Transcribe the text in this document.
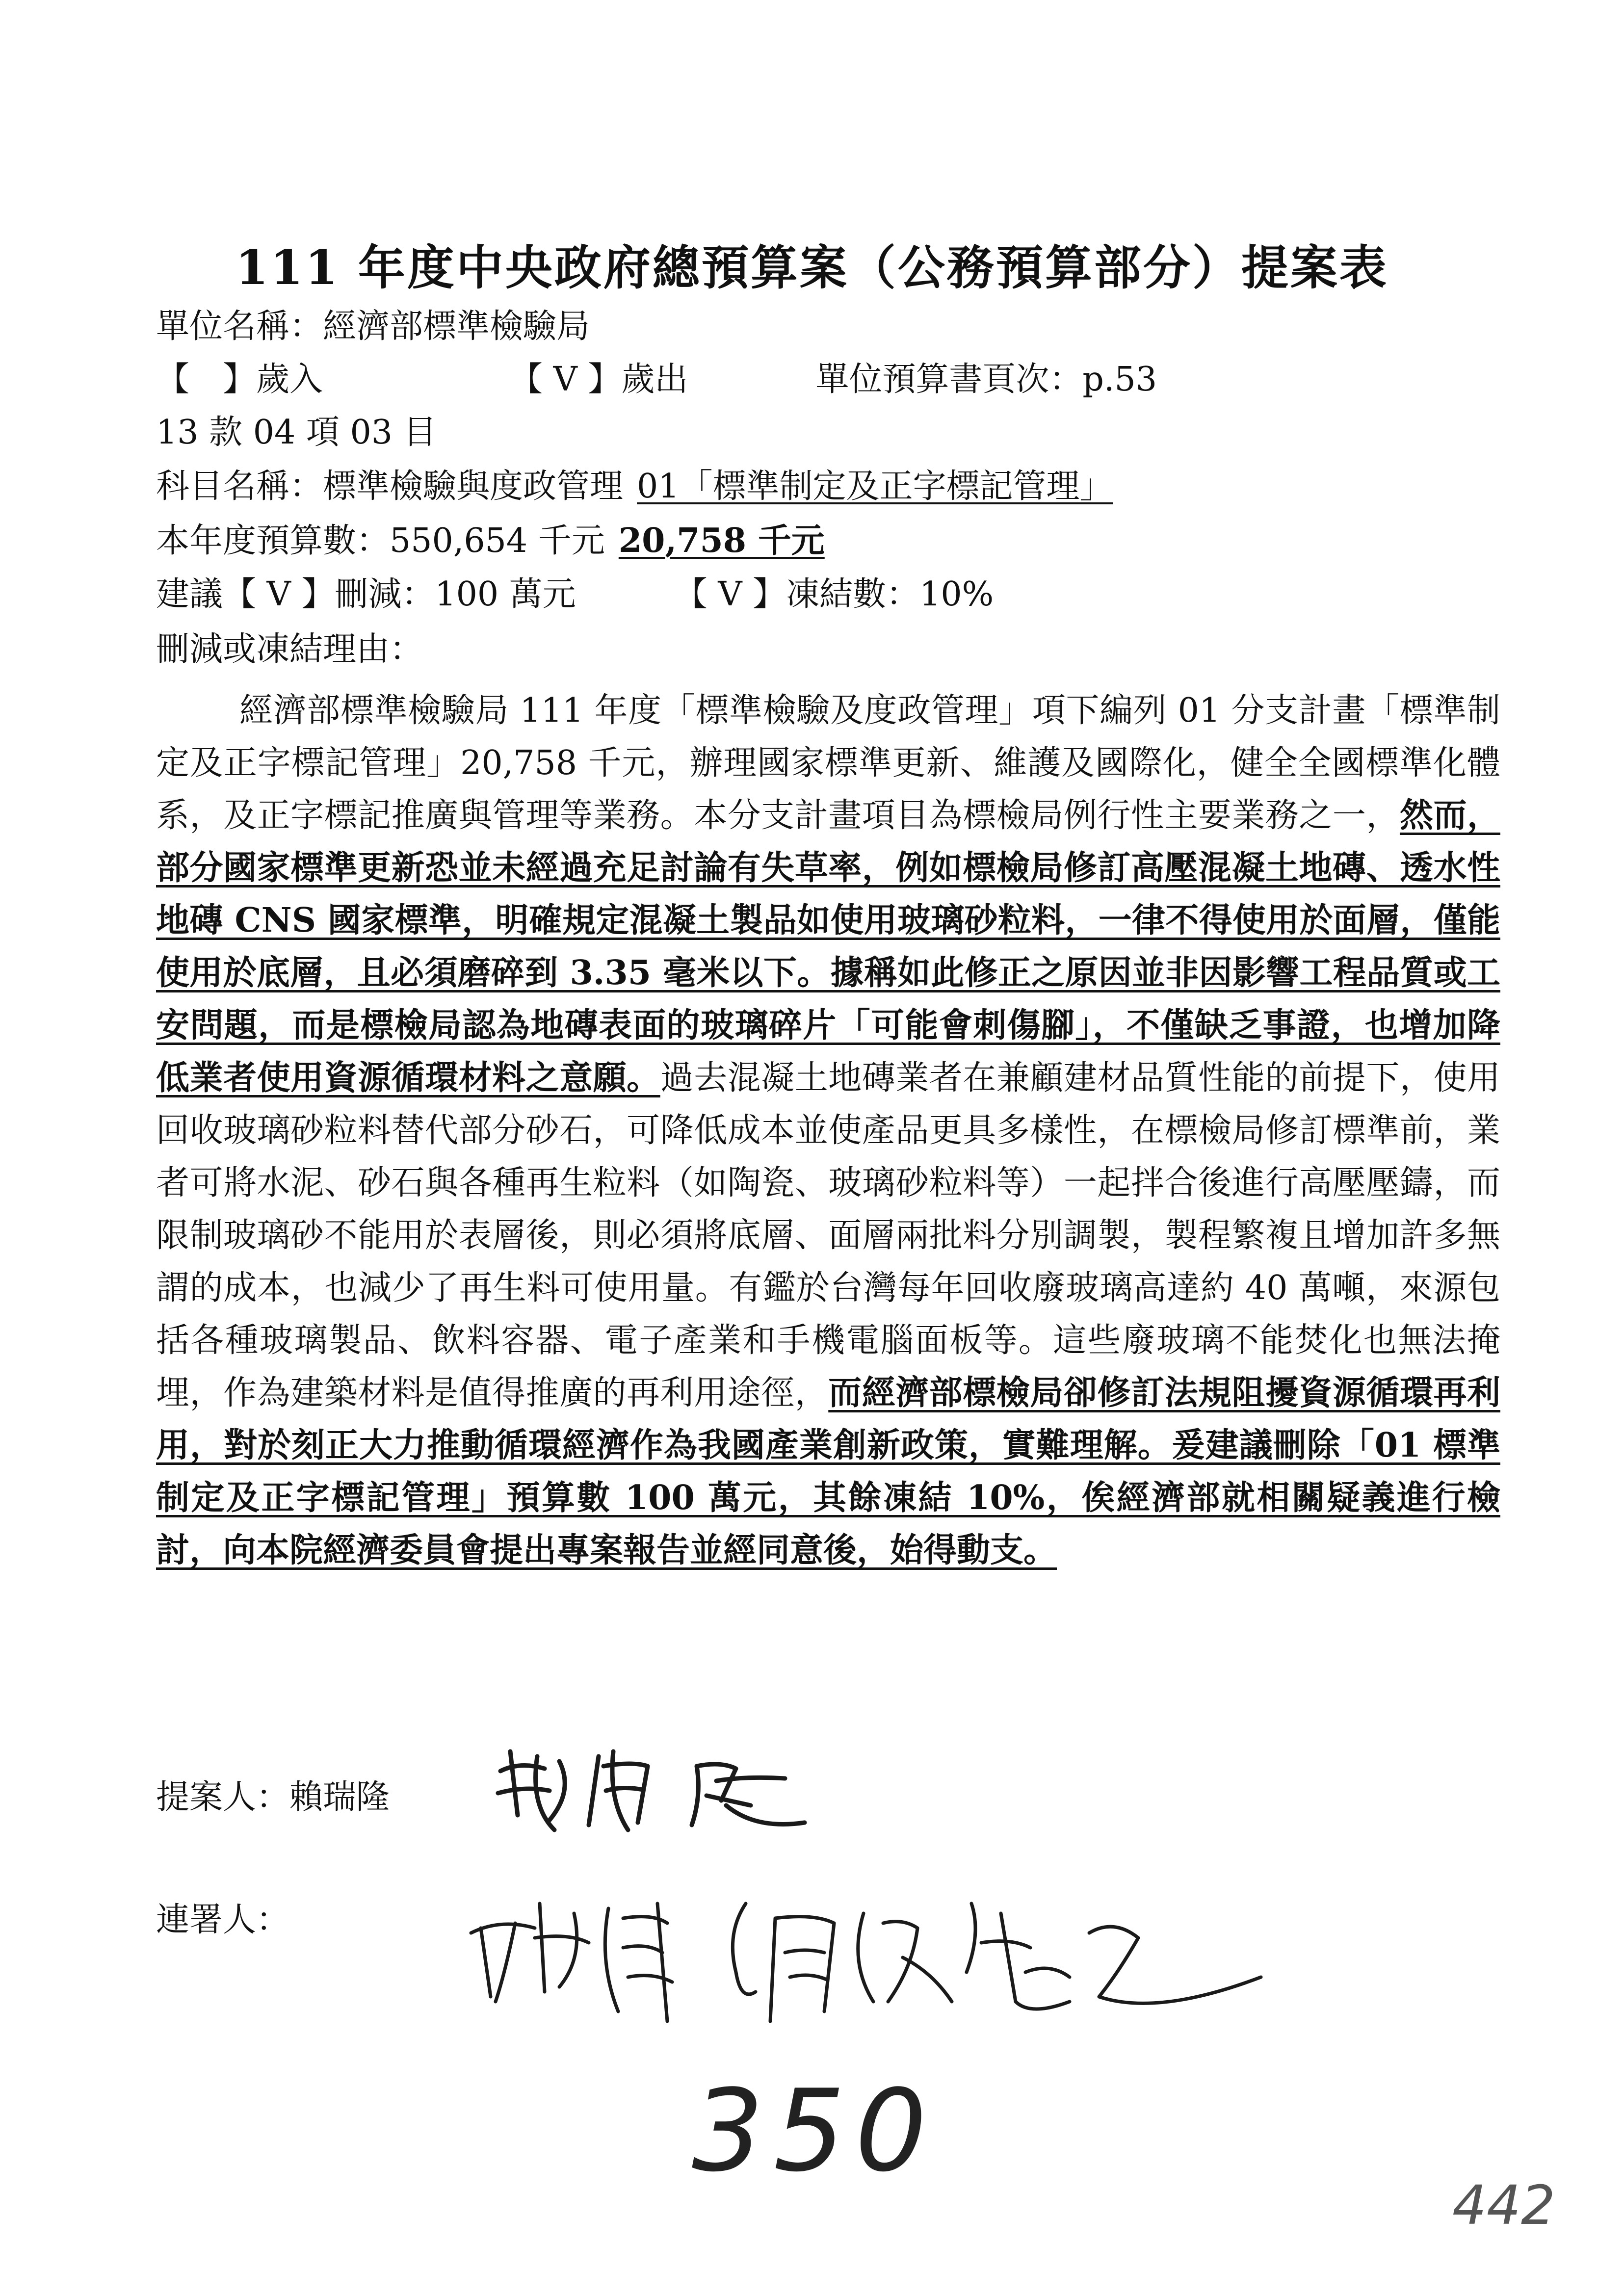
111 年度中央政府總預算案（公務預算部分）提案表
單位名稱：經濟部標準檢驗局
【　】歲入	【 V 】歲出	單位預算書頁次：p.53
13 款 04 項 03 目
科目名稱：標準檢驗與度政管理 01「標準制定及正字標記管理」
本年度預算數：550,654 千元 20,758 千元
建議【 V 】刪減：100 萬元	【 V 】凍結數：10%
刪減或凍結理由：
經濟部標準檢驗局 111 年度「標準檢驗及度政管理」項下編列 01 分支計畫「標準制定及正字標記管理」20,758 千元，辦理國家標準更新、維護及國際化，健全全國標準化體系，及正字標記推廣與管理等業務。本分支計畫項目為標檢局例行性主要業務之一，然而，部分國家標準更新恐並未經過充足討論有失草率，例如標檢局修訂高壓混凝土地磚、透水性地磚 CNS 國家標準，明確規定混凝土製品如使用玻璃砂粒料，一律不得使用於面層，僅能使用於底層，且必須磨碎到 3.35 毫米以下。據稱如此修正之原因並非因影響工程品質或工安問題，而是標檢局認為地磚表面的玻璃碎片「可能會刺傷腳」，不僅缺乏事證，也增加降低業者使用資源循環材料之意願。過去混凝土地磚業者在兼顧建材品質性能的前提下，使用回收玻璃砂粒料替代部分砂石，可降低成本並使產品更具多樣性，在標檢局修訂標準前，業者可將水泥、砂石與各種再生粒料（如陶瓷、玻璃砂粒料等）一起拌合後進行高壓壓鑄，而限制玻璃砂不能用於表層後，則必須將底層、面層兩批料分別調製，製程繁複且增加許多無謂的成本，也減少了再生料可使用量。有鑑於台灣每年回收廢玻璃高達約 40 萬噸，來源包括各種玻璃製品、飲料容器、電子產業和手機電腦面板等。這些廢玻璃不能焚化也無法掩埋，作為建築材料是值得推廣的再利用途徑，而經濟部標檢局卻修訂法規阻擾資源循環再利用，對於刻正大力推動循環經濟作為我國產業創新政策，實難理解。爰建議刪除「01 標準制定及正字標記管理」預算數 100 萬元，其餘凍結 10%，俟經濟部就相關疑義進行檢討，向本院經濟委員會提出專案報告並經同意後，始得動支。
提案人：賴瑞隆
連署人：
350
442
